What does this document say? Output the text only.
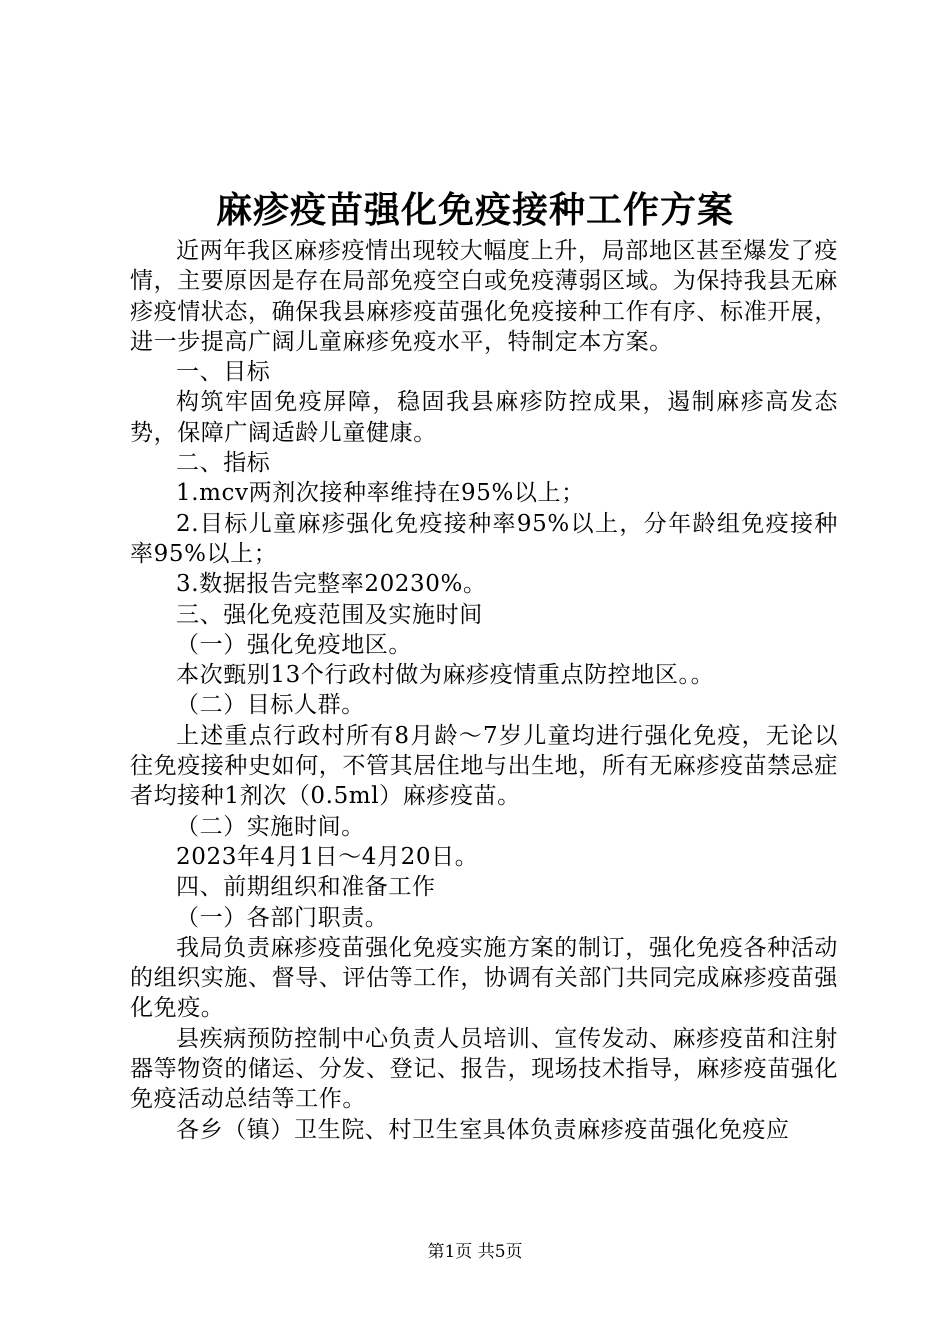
麻疹疫苗强化免疫接种工作方案

近两年我区麻疹疫情出现较大幅度上升，局部地区甚至爆发了疫情，主要原因是存在局部免疫空白或免疫薄弱区域。为保持我县无麻疹疫情状态，确保我县麻疹疫苗强化免疫接种工作有序、标准开展，进一步提高广阔儿童麻疹免疫水平，特制定本方案。

一、目标

构筑牢固免疫屏障，稳固我县麻疹防控成果，遏制麻疹高发态势，保障广阔适龄儿童健康。

二、指标

1.mcv两剂次接种率维持在95%以上；

2.目标儿童麻疹强化免疫接种率95%以上，分年龄组免疫接种率95%以上；

3.数据报告完整率20230%。

三、强化免疫范围及实施时间

（一）强化免疫地区。

本次甄别13个行政村做为麻疹疫情重点防控地区。。

（二）目标人群。

上述重点行政村所有8月龄～7岁儿童均进行强化免疫，无论以往免疫接种史如何，不管其居住地与出生地，所有无麻疹疫苗禁忌症者均接种1剂次（0.5ml）麻疹疫苗。

（二）实施时间。

2023年4月1日～4月20日。

四、前期组织和准备工作

（一）各部门职责。

我局负责麻疹疫苗强化免疫实施方案的制订，强化免疫各种活动的组织实施、督导、评估等工作，协调有关部门共同完成麻疹疫苗强化免疫。

县疾病预防控制中心负责人员培训、宣传发动、麻疹疫苗和注射器等物资的储运、分发、登记、报告，现场技术指导，麻疹疫苗强化免疫活动总结等工作。

各乡（镇）卫生院、村卫生室具体负责麻疹疫苗强化免疫应

第1页 共5页
